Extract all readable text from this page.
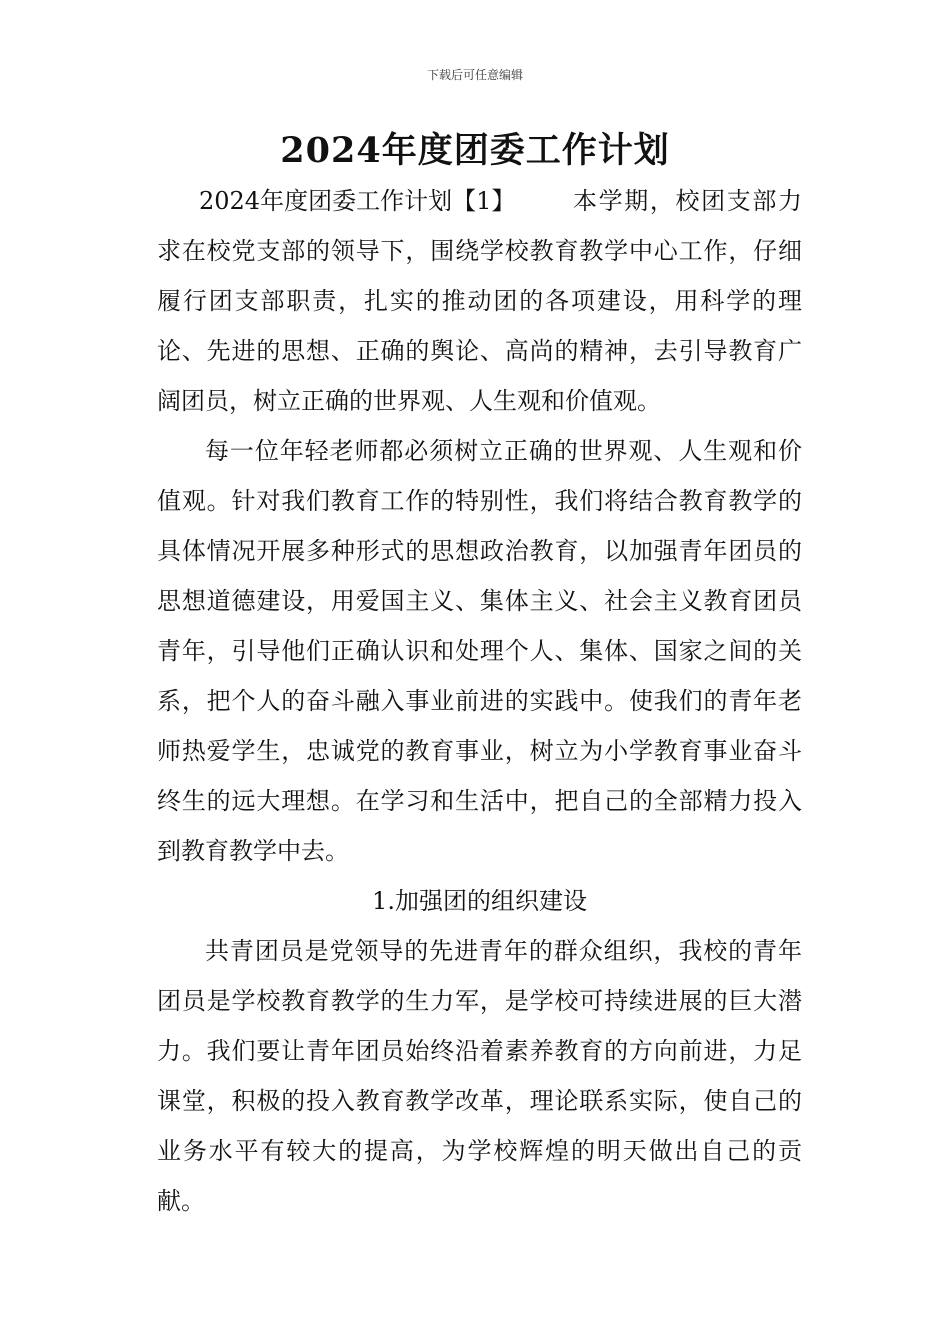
下载后可任意编辑
2024年度团委工作计划

2024年度团委工作计划【1】 本学期，校团支部力求在校党支部的领导下，围绕学校教育教学中心工作，仔细履行团支部职责，扎实的推动团的各项建设，用科学的理论、先进的思想、正确的舆论、高尚的精神，去引导教育广阔团员，树立正确的世界观、人生观和价值观。

每一位年轻老师都必须树立正确的世界观、人生观和价值观。针对我们教育工作的特别性，我们将结合教育教学的具体情况开展多种形式的思想政治教育，以加强青年团员的思想道德建设，用爱国主义、集体主义、社会主义教育团员青年，引导他们正确认识和处理个人、集体、国家之间的关系，把个人的奋斗融入事业前进的实践中。使我们的青年老师热爱学生，忠诚党的教育事业，树立为小学教育事业奋斗终生的远大理想。在学习和生活中，把自己的全部精力投入到教育教学中去。

1.加强团的组织建设

共青团员是党领导的先进青年的群众组织，我校的青年团员是学校教育教学的生力军，是学校可持续进展的巨大潜力。我们要让青年团员始终沿着素养教育的方向前进，力足课堂，积极的投入教育教学改革，理论联系实际，使自己的业务水平有较大的提高，为学校辉煌的明天做出自己的贡献。
